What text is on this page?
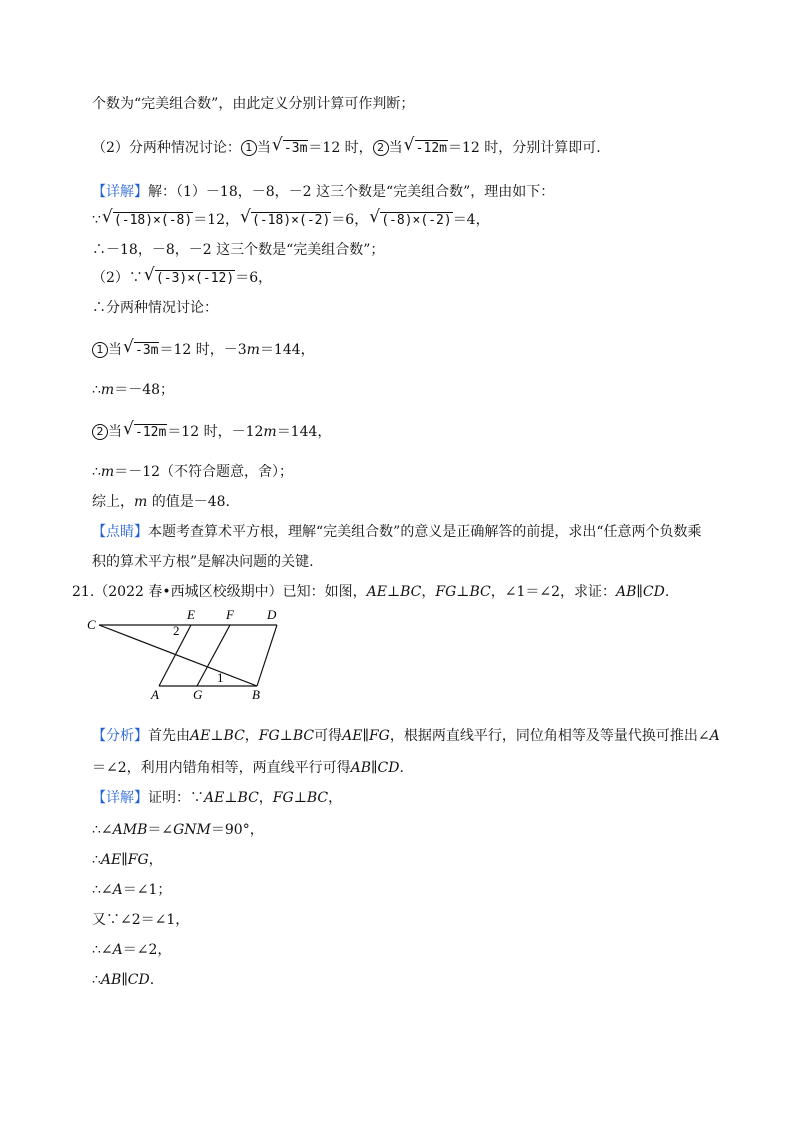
个数为“完美组合数”，由此定义分别计算可作判断；
（2）分两种情况讨论： 1 当 √ -3m＝12 时， 2 当 √ -12m＝12 时，分别计算即可.
【详解】解：（1）－18，－8，－2 这三个数是“完美组合数”，理由如下：
∵ √ (-18)×(-8)＝12， √ (-18)×(-2)＝6， √ (-8)×(-2)＝4，
∴－18，－8，－2 这三个数是“完美组合数”；
（2）∵ √ (-3)×(-12)＝6，
∴分两种情况讨论：
1 当 √ -3m＝12 时，－3m＝144，
∴m＝－48；
2 当 √ -12m＝12 时，－12m＝144，
∴m＝－12（不符合题意，舍）；
综上，m 的值是－48.
【点睛】本题考查算术平方根，理解“完美组合数”的意义是正确解答的前提，求出“任意两个负数乘
积的算术平方根”是解决问题的关键.
21.（2022 春•西城区校级期中）已知：如图，AE⊥BC，FG⊥BC，∠1＝∠2，求证：AB∥CD.
C
E F	D
A	G	B
1
2
【分析】首先由AE⊥BC，FG⊥BC可得AE∥FG，根据两直线平行，同位角相等及等量代换可推出∠A
＝∠2，利用内错角相等，两直线平行可得AB∥CD.
【详解】证明：∵AE⊥BC，FG⊥BC，
∴∠AMB＝∠GNM＝90°，
∴AE∥FG，
∴∠A＝∠1；
又∵∠2＝∠1，
∴∠A＝∠2，
∴AB∥CD.
